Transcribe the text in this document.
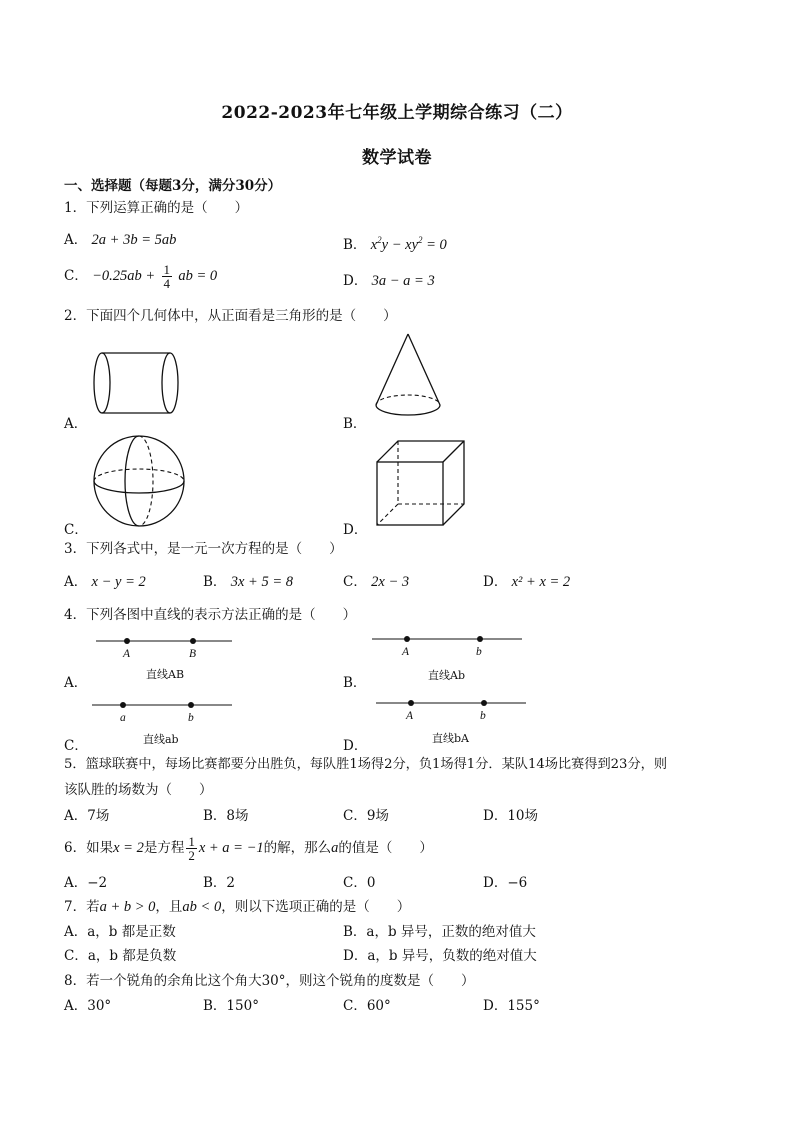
2022-2023年七年级上学期综合练习（二）
数学试卷
一、选择题（每题3分，满分30分）
1．下列运算正确的是（　　）
A． 2a + 3b = 5ab	B． $x^2y - xy^2 = 0$
C． $-0.25ab + \frac{1}{4}$ ab = 0	D． 3a − a = 3
2．下面四个几何体中，从正面看是三角形的是（　　）
A．	B．
C．	D．
3．下列各式中，是一元一次方程的是（　　）
A． x − y = 2	B． 3x + 5 = 8	C． 2x − 3	D． x² + x = 2
4．下列各图中直线的表示方法正确的是（　　）
A	B
直线AB
A．
A	b
直线Ab
B．
a	b
直线ab
C．
A	b
直线bA
D．
5．篮球联赛中，每场比赛都要分出胜负，每队胜1场得2分，负1场得1分．某队14场比赛得到23分，则
该队胜的场数为（　　）
A．7场	B．8场	C．9场	D．10场
6．如果x = 2是方程 $\frac{1}{2}$ x + a = −1的解，那么a的值是（　　）
A．−2	B．2	C．0	D．−6
7．若a + b > 0，且ab < 0，则以下选项正确的是（　　）
A．a，b 都是正数	B．a，b 异号，正数的绝对值大
C．a，b 都是负数	D．a，b 异号，负数的绝对值大
8．若一个锐角的余角比这个角大30°，则这个锐角的度数是（　　）
A．30°	B．150°	C．60°	D．155°
